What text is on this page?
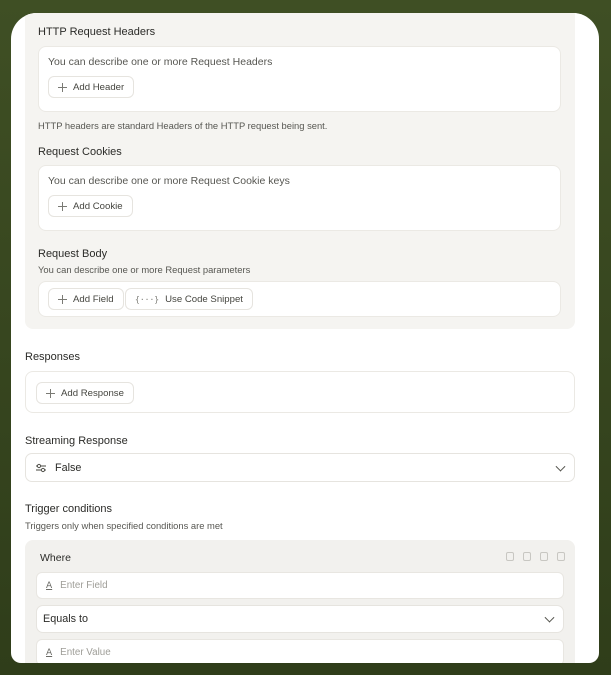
HTTP Request Headers
You can describe one or more Request Headers
Add Header
HTTP headers are standard Headers of the HTTP request being sent.
Request Cookies
You can describe one or more Request Cookie keys
Add Cookie
Request Body
You can describe one or more Request parameters
Add Field	{···} Use Code Snippet
Responses
Add Response
Streaming Response
False
Trigger conditions
Triggers only when specified conditions are met
Where
A Enter Field
Equals to
A Enter Value
